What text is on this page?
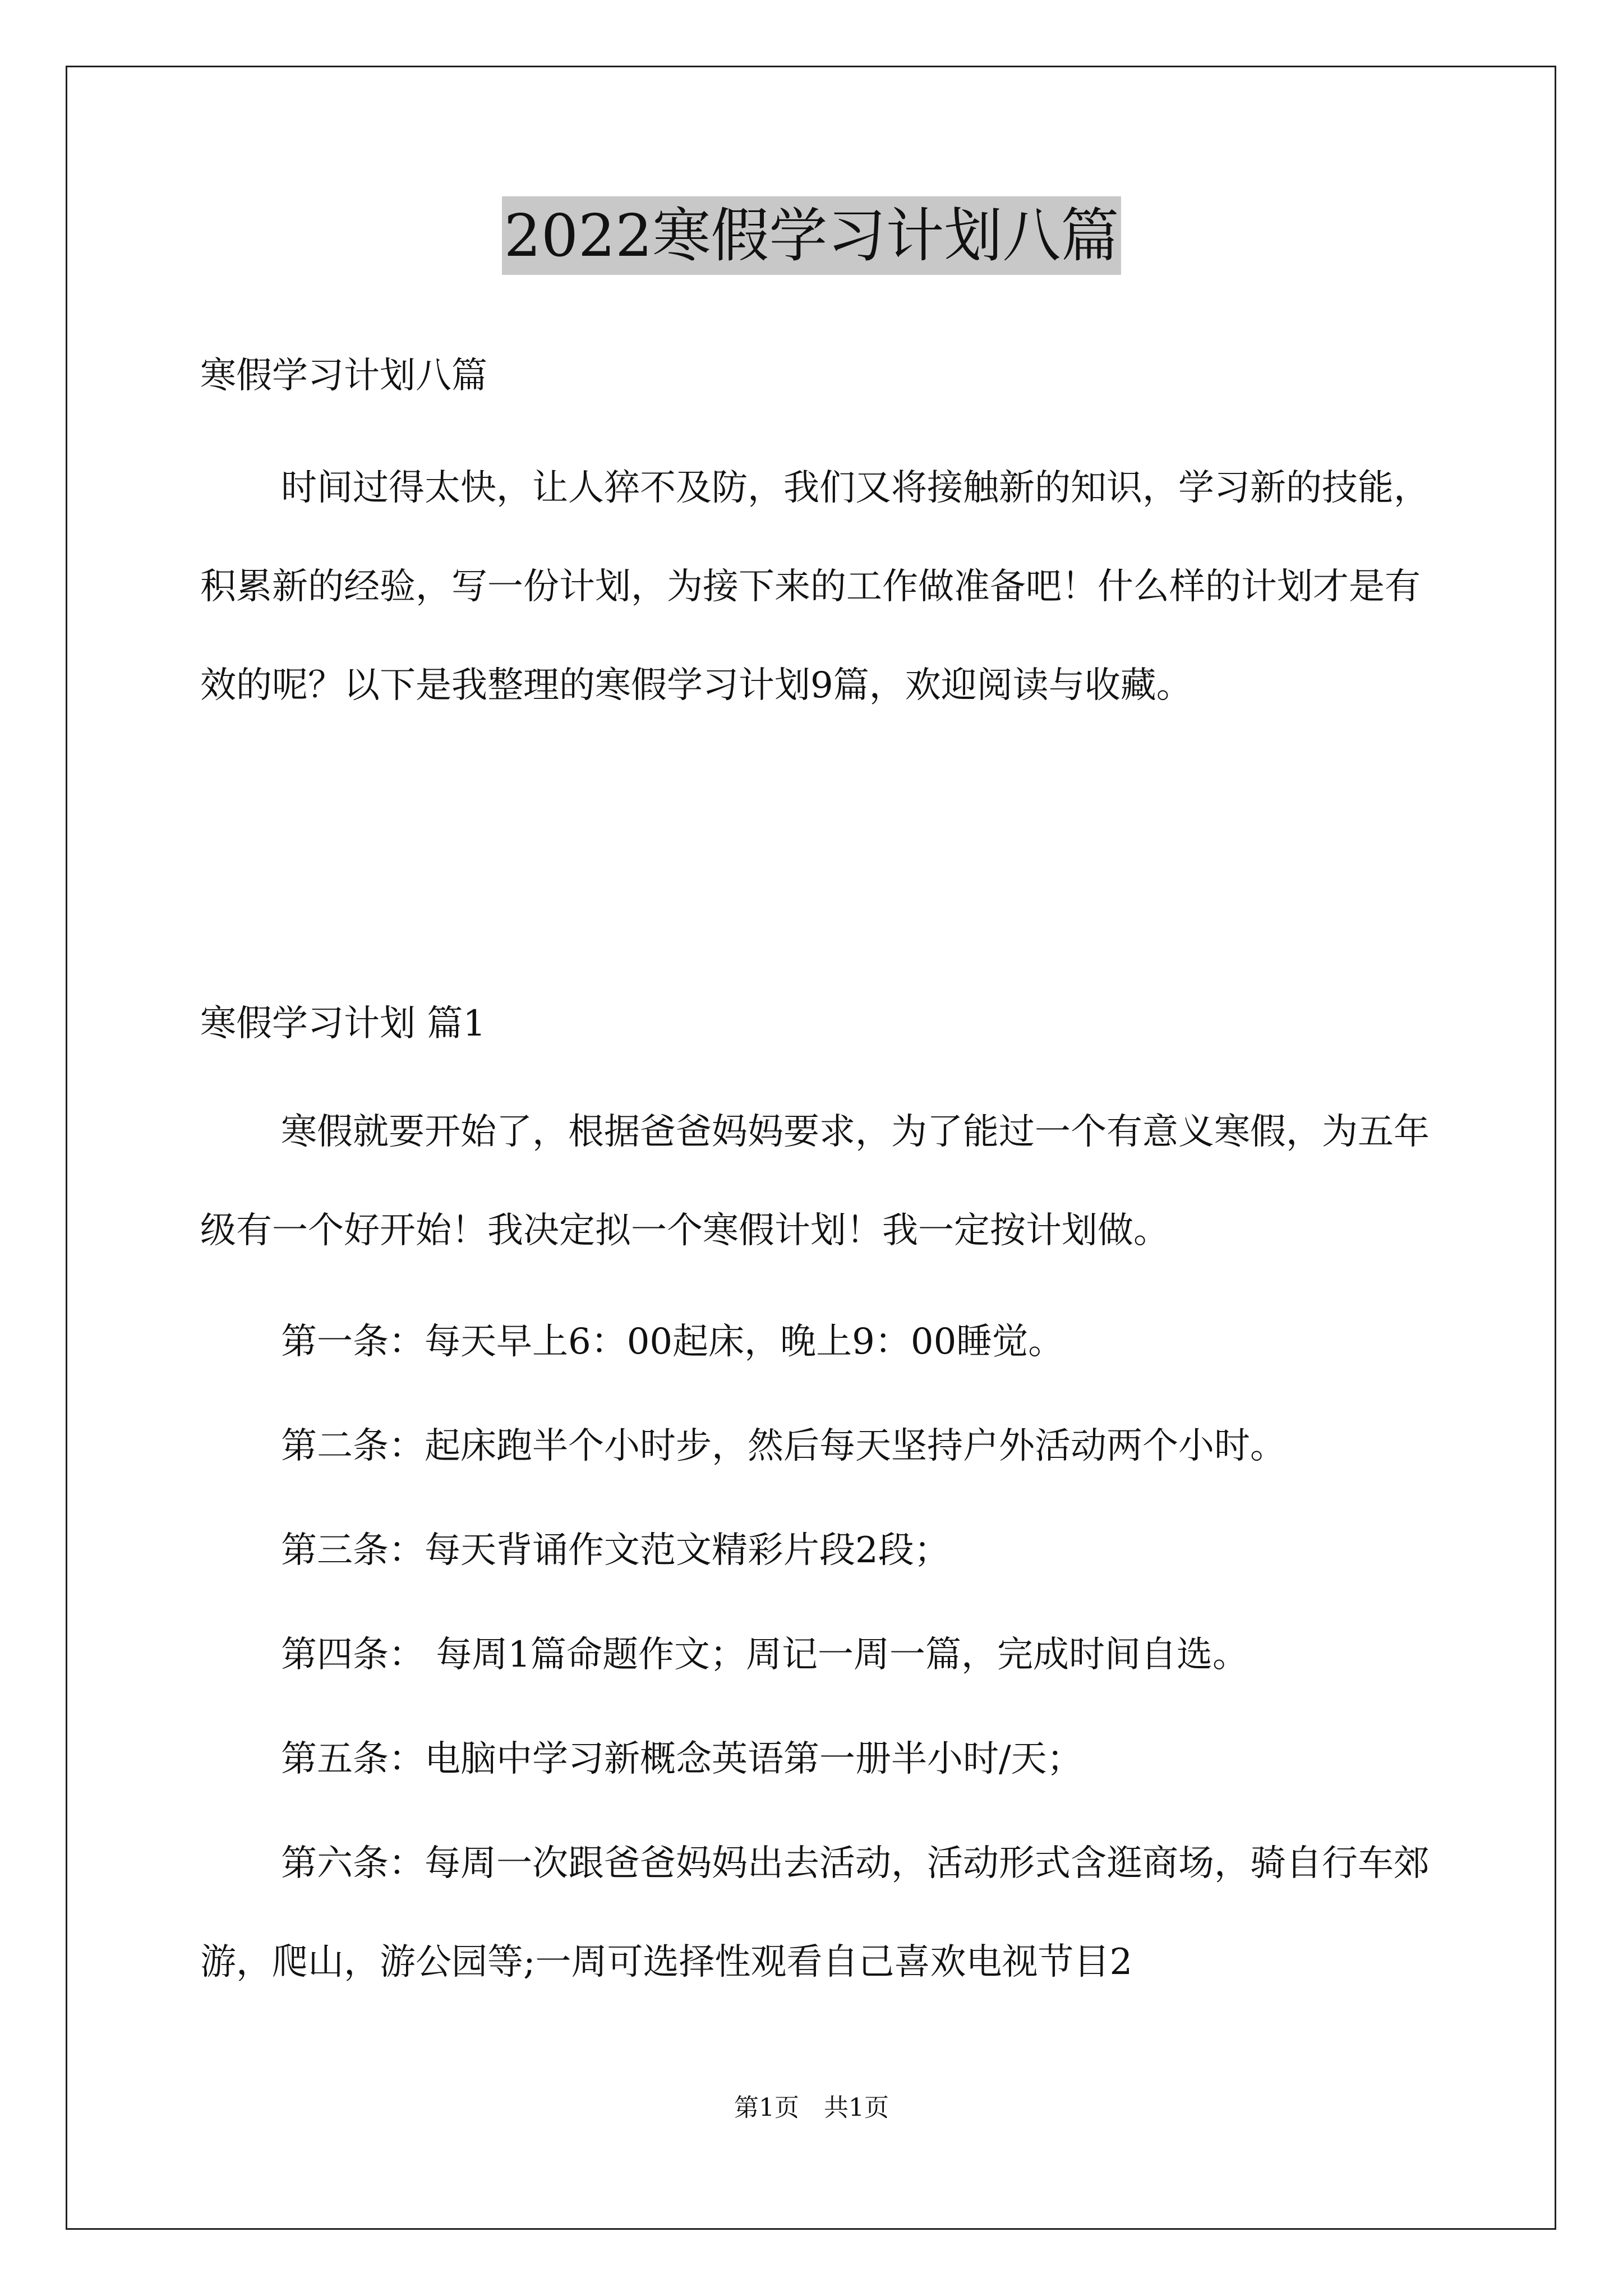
2022寒假学习计划八篇

寒假学习计划八篇

时间过得太快，让人猝不及防，我们又将接触新的知识，学习新的技能，积累新的经验，写一份计划，为接下来的工作做准备吧！什么样的计划才是有效的呢？以下是我整理的寒假学习计划9篇，欢迎阅读与收藏。

寒假学习计划 篇1

寒假就要开始了，根据爸爸妈妈要求，为了能过一个有意义寒假，为五年级有一个好开始！我决定拟一个寒假计划！我一定按计划做。

第一条：每天早上6：00起床，晚上9：00睡觉。

第二条：起床跑半个小时步，然后每天坚持户外活动两个小时。

第三条：每天背诵作文范文精彩片段2段；

第四条： 每周1篇命题作文；周记一周一篇，完成时间自选。

第五条：电脑中学习新概念英语第一册半小时/天；

第六条：每周一次跟爸爸妈妈出去活动，活动形式含逛商场，骑自行车郊游，爬山，游公园等;一周可选择性观看自己喜欢电视节目2

第1页　共1页
